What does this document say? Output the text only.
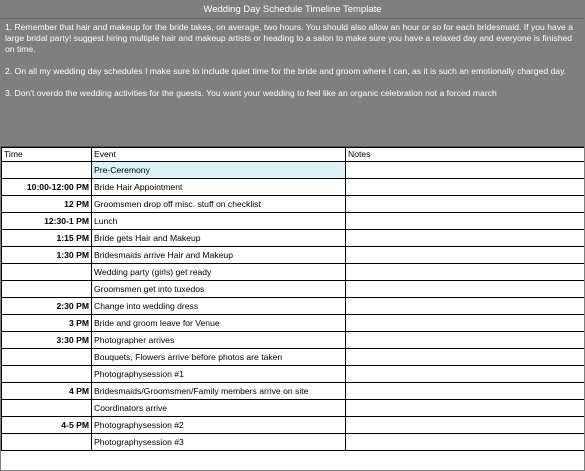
Wedding Day Schedule Timeline Template

1. Remember that hair and makeup for the bride takes, on average, two hours. You should also allow an hour or so for each bridesmaid. If you have a large bridal party! suggest hiring multiple hair and makeup artists or heading to a salon to make sure you have a relaxed day and everyone is finished on time.

2. On all my wedding day schedules I make sure to include quiet time for the bride and groom where I can, as it is such an emotionally charged day.

3. Don't overdo the wedding activities for the guests. You want your wedding to feel like an organic celebration not a forced march

Time	Event	Notes
	Pre-Ceremony	
10:00-12:00 PM	Bride Hair Appointment	
12 PM	Groomsmen drop off misc. stuff on checklist	
12:30-1 PM	Lunch	
1:15 PM	Bride gets Hair and Makeup	
1:30 PM	Bridesmaids arrive Hair and Makeup	
	Wedding party (girls) get ready	
	Groomsmen get into tuxedos	
2:30 PM	Change into wedding dress	
3 PM	Bride and groom leave for Venue	
3:30 PM	Photographer arrives	
	Bouquets, Flowers arrive before photos are taken	
	Photographysession #1	
4 PM	Bridesmaids/Groomsmen/Family members arrive on site	
	Coordinators arrive	
4-5 PM	Photographysession #2	
	Photographysession #3	
